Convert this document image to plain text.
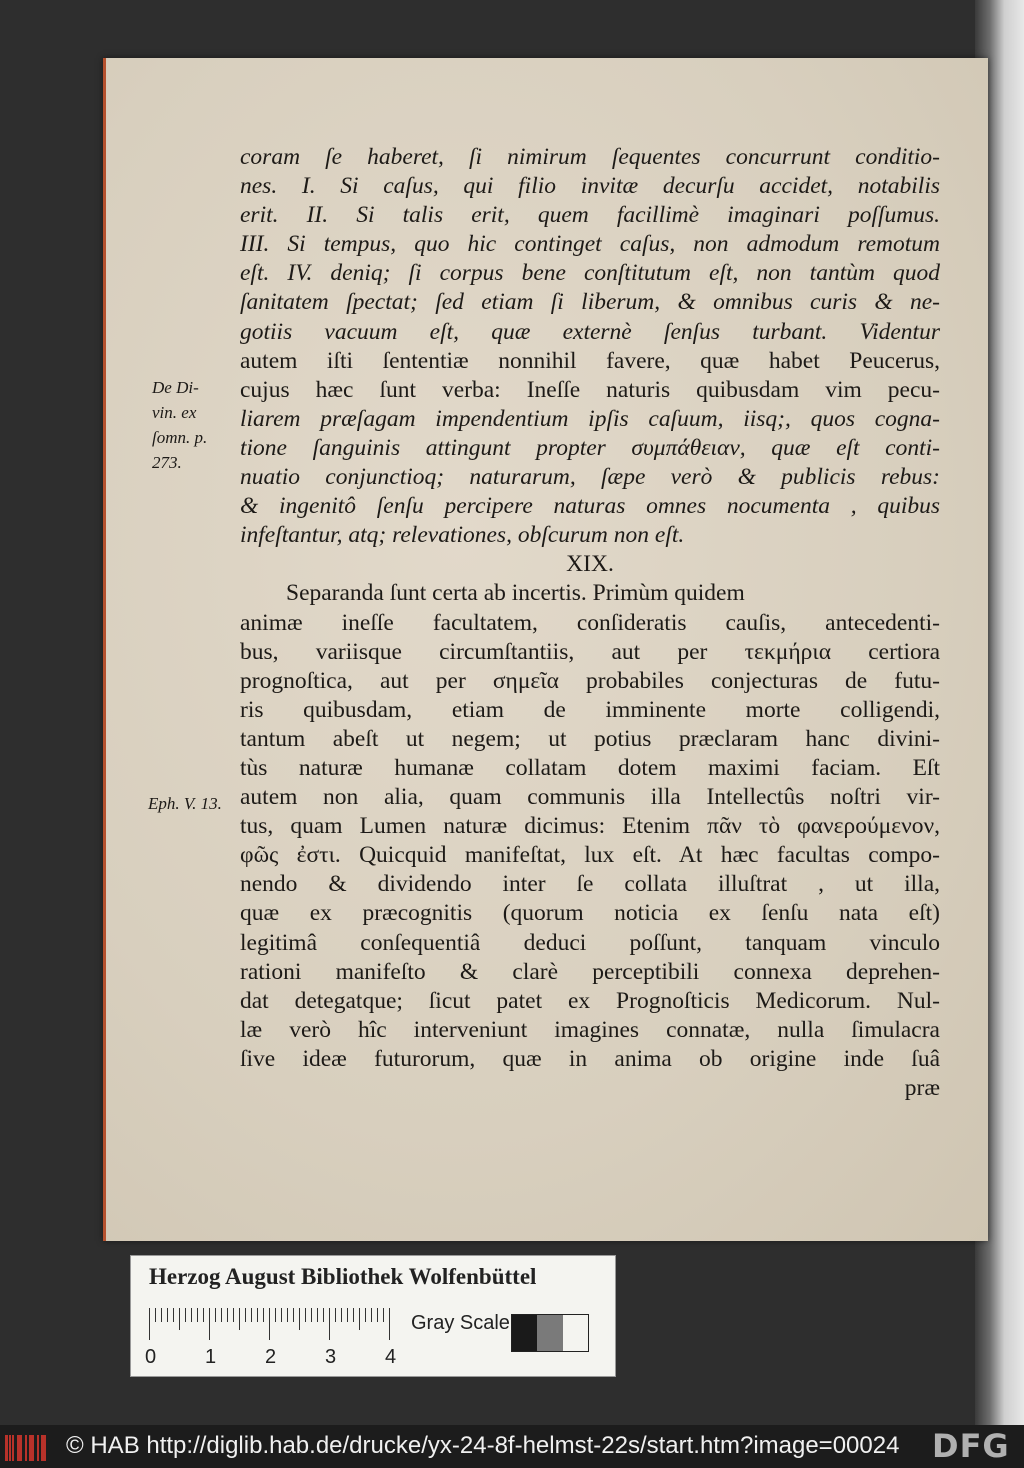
coram ſe haberet, ſi nimirum ſequentes concurrunt conditio-
nes. I. Si caſus, qui filio invitæ decurſu accidet, notabilis
erit. II. Si talis erit, quem facillimè imaginari poſſumus.
III. Si tempus, quo hic continget caſus, non admodum remotum
eſt. IV. deniq; ſi corpus bene conſtitutum eſt, non tantùm quod
ſanitatem ſpectat; ſed etiam ſi liberum, & omnibus curis & ne-
gotiis vacuum eſt, quæ externè ſenſus turbant. Videntur
autem iſti ſententiæ nonnihil favere, quæ habet Peucerus,
cujus hæc ſunt verba: Ineſſe naturis quibusdam vim pecu-
liarem præſagam impendentium ipſis caſuum, iisq;, quos cogna-
tione ſanguinis attingunt propter συμπάθειαν, quæ eſt conti-
nuatio conjunctioq; naturarum, ſæpe verò & publicis rebus:
& ingenitô ſenſu percipere naturas omnes nocumenta , quibus
infeſtantur, atq; relevationes, obſcurum non eſt.
XIX.
Separanda ſunt certa ab incertis. Primùm quidem
animæ ineſſe facultatem, conſideratis cauſis, antecedenti-
bus, variisque circumſtantiis, aut per τεκμήρια certiora
prognoſtica, aut per σημεῖα probabiles conjecturas de futu-
ris quibusdam, etiam de imminente morte colligendi,
tantum abeſt ut negem; ut potius præclaram hanc divini-
tùs naturæ humanæ collatam dotem maximi faciam. Eſt
autem non alia, quam communis illa Intellectûs noſtri vir-
tus, quam Lumen naturæ dicimus: Etenim πᾶν τὸ φανερούμενον,
φῶς ἐστι. Quicquid manifeſtat, lux eſt. At hæc facultas compo-
nendo & dividendo inter ſe collata illuſtrat , ut illa,
quæ ex præcognitis (quorum noticia ex ſenſu nata eſt)
legitimâ conſequentiâ deduci poſſunt, tanquam vinculo
rationi manifeſto & clarè perceptibili connexa deprehen-
dat detegatque; ſicut patet ex Prognoſticis Medicorum. Nul-
læ verò hîc interveniunt imagines connatæ, nulla ſimulacra
ſive ideæ futurorum, quæ in anima ob origine inde ſuâ
præ
De Di-
vin. ex
ſomn. p.
273.
Eph. V. 13.
Herzog August Bibliothek Wolfenbüttel
0 1 2 3 4
Gray Scale
© HAB http://diglib.hab.de/drucke/yx-24-8f-helmst-22s/start.htm?image=00024 DFG
